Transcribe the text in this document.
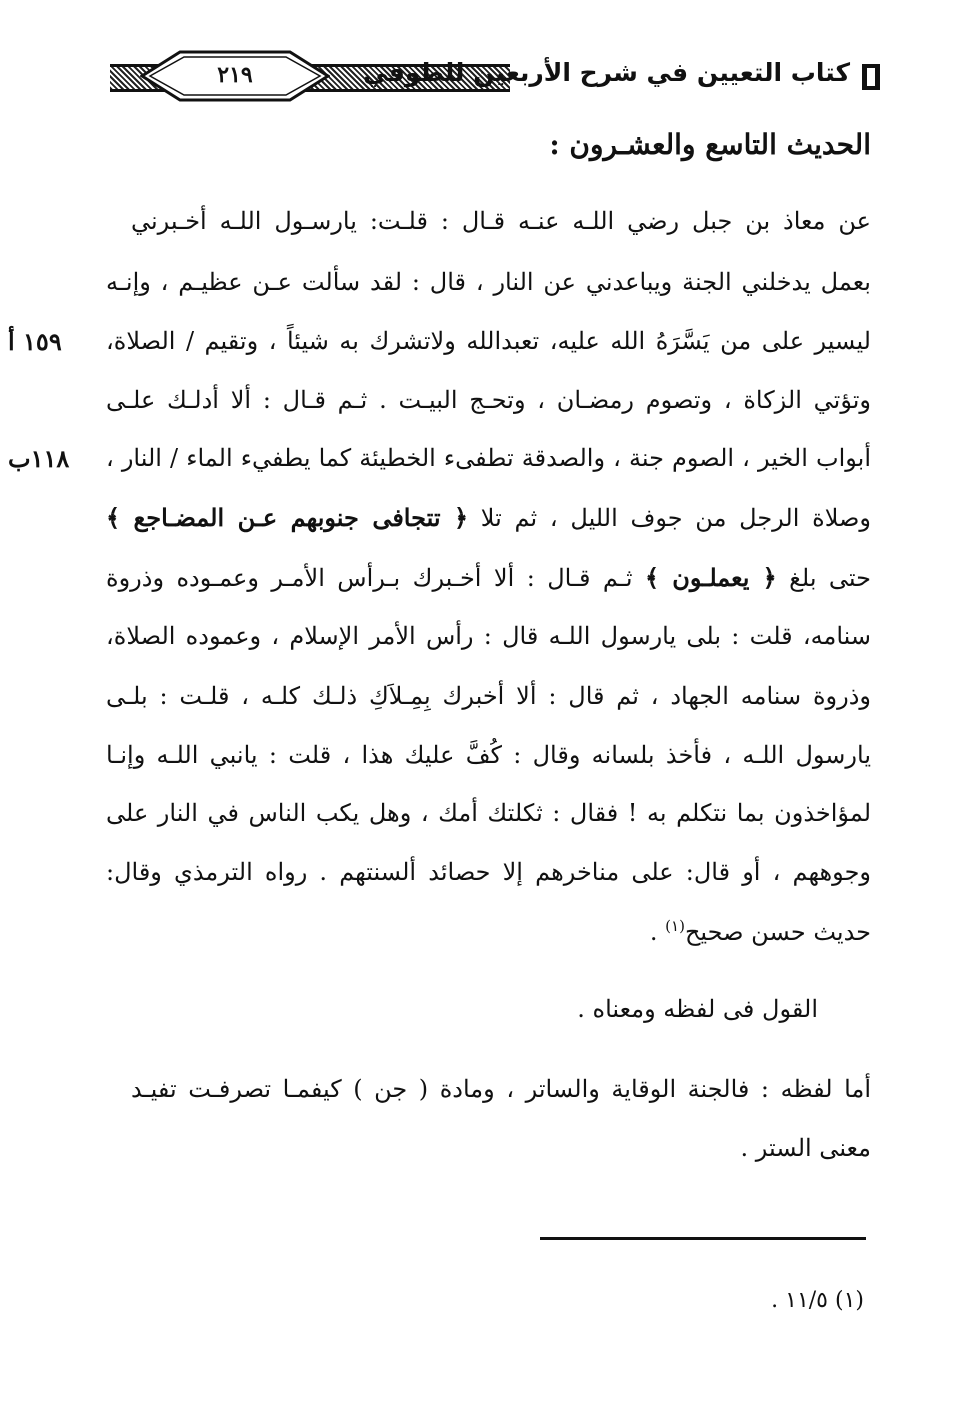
٢١٩	كتاب التعيين في شرح الأربعين للطوفي
الحديث التاسع والعشـرون :
عن معاذ بن جبل رضي اللـه عنـه قـال : قلـت: يارسـول اللـه أخـبرني
بعمل يدخلني الجنة ويباعدني عن النار ، قال : لقد سألت عـن عظيـم ، وإنـه
ليسير على من يَسَّرَهُ الله عليه، تعبدالله ولاتشرك به شيئاً ، وتقيم / الصلاة،
وتؤتي الزكاة ، وتصوم رمضـان ، وتحـج البيـت . ثـم قـال : ألا أدلـك علـى
أبواب الخير ، الصوم جنة ، والصدقة تطفىء الخطيئة كما يطفيء الماء / النار ،
وصلاة الرجل من جوف الليل ، ثم تلا ﴿ تتجافى جنوبهم عـن المضـاجع ﴾
حتى بلغ ﴿ يعملـون ﴾ ثـم قـال : ألا أخـبرك بـرأس الأمـر وعمـوده وذروة
سنامه، قلت : بلى يارسول اللـه قال : رأس الأمر الإسلام ، وعموده الصلاة،
وذروة سنامه الجهاد ، ثم قال : ألا أخبرك بِمِـلاَكِ ذلـك كلـه ، قلـت : بلـى
يارسول اللـه ، فأخذ بلسانه وقال : كُفَّ عليك هذا ، قلت : يانبي اللـه وإنـا
لمؤاخذون بما نتكلم به ! فقال : ثكلتك أمك ، وهل يكب الناس في النار على
وجوههم ، أو قال: على مناخرهم إلا حصائد ألسنتهم . رواه الترمذي وقال:
حديث حسن صحيح$^{(١)}$ .
القول فى لفظه ومعناه .
أما لفظه : فالجنة الوقاية والساتر ، ومادة ( جن ) كيفمـا تصرفـت تفيـد
معنى الستر .
١٥٩ أ
١١٨ب
(١) ١١/٥ .
